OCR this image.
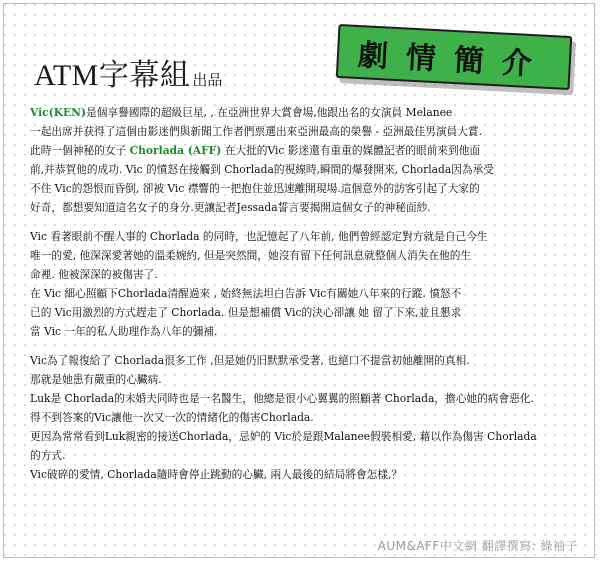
ATM字幕組 出品	劇情簡介
Vic(KEN)是個享譽國際的超級巨星, , 在亞洲世界大賞會場,他跟出名的女演員 Melanee
一起出席并获得了這個由影迷們與新聞工作者們票選出來亞洲最高的榮譽 - 亞洲最佳男演員大賞.
此時一個神秘的女子 Chorlada (AFF) 在大批的Vic 影迷還有重重的媒體記者的眼前來到他面
前,并恭賀他的成功. Vic 的憤怒在接觸到 Chorlada的視線時,瞬間的爆發開來, Chorlada因為承受
不住 Vic的怨恨而昏倒, 卻被 Vic 襟響的一把抱住並迅速離開現場.這個意外的訪客引起了大家的
好奇，都想要知道這名女子的身分.更讓記者Jessada誓言要揭開這個女子的神秘面紗.
Vic 看著眼前不醒人事的 Chorlada 的同時，也記憶起了八年前, 他們曾經認定對方就是自己今生
唯一的愛, 他深深愛著她的溫柔婉約, 但是突然間，她沒有留下任何訊息就整個人消失在他的生
命裡. 他被深深的被傷害了.
在 Vic 細心照顧下Chorlada清醒過來 , 始終無法坦白告訴 Vic有關她八年來的行蹤. 憤怒不
已的 Vic用激烈的方式趕走了 Chorlada. 但是想補償 Vic的決心卻讓 她 留了下來,並且懇求
當 Vic 一年的私人助理作為八年的彌補.
Vic為了報復給了 Chorlada很多工作 ,但是她仍旧默默承受著, 也絕口不提當初她離開的真相.
那就是她患有嚴重的心臟病.
Luk是 Chorlada的未婚夫同時也是一名醫生，他總是很小心翼翼的照顧著 Chorlada，擔心她的病會惡化.
得不到答案的Vic讓他一次又一次的情緒化的傷害Chorlada.
更因為常常看到Luk親密的接送Chorlada，忌妒的 Vic於是跟Malanee假裝相愛, 藉以作為傷害 Chorlada
的方式.
Vic破碎的愛情, Chorlada隨時會停止跳動的心臟, 兩人最後的結局將會怎樣,？
AUM&AFF中文網 翻譯撰寫: 綠袖子
